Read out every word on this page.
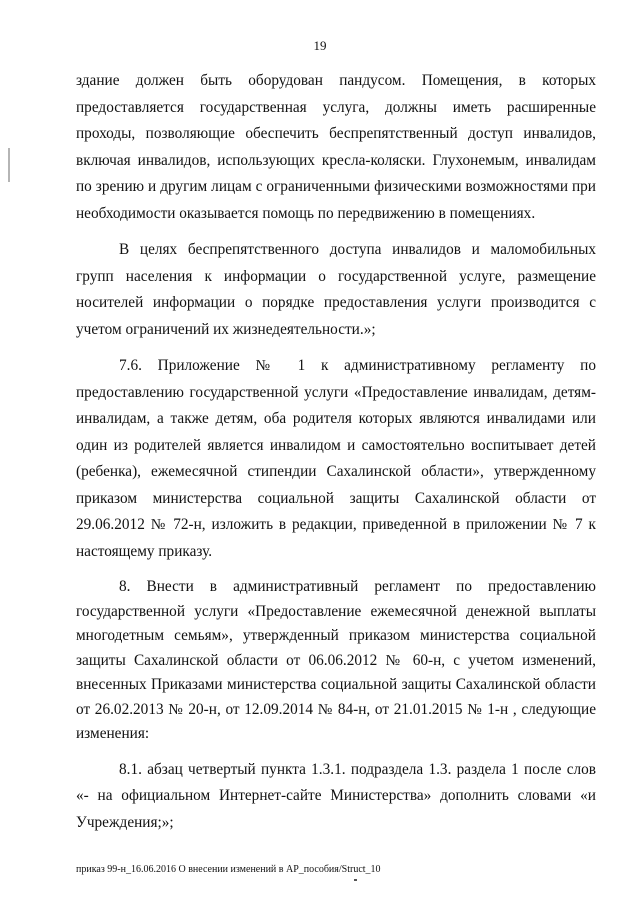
19

здание должен быть оборудован пандусом. Помещения, в которых предоставляется государственная услуга, должны иметь расширенные проходы, позволяющие обеспечить беспрепятственный доступ инвалидов, включая инвалидов, использующих кресла-коляски. Глухонемым, инвалидам по зрению и другим лицам с ограниченными физическими возможностями при необходимости оказывается помощь по передвижению в помещениях.

В целях беспрепятственного доступа инвалидов и маломобильных групп населения к информации о государственной услуге, размещение носителей информации о порядке предоставления услуги производится с учетом ограничений их жизнедеятельности.»;

7.6. Приложение № 1 к административному регламенту по предоставлению государственной услуги «Предоставление инвалидам, детям-инвалидам, а также детям, оба родителя которых являются инвалидами или один из родителей является инвалидом и самостоятельно воспитывает детей (ребенка), ежемесячной стипендии Сахалинской области», утвержденному приказом министерства социальной защиты Сахалинской области от 29.06.2012 № 72-н, изложить в редакции, приведенной в приложении № 7 к настоящему приказу.

8. Внести в административный регламент по предоставлению государственной услуги «Предоставление ежемесячной денежной выплаты многодетным семьям», утвержденный приказом министерства социальной защиты Сахалинской области от 06.06.2012 № 60-н, с учетом изменений, внесенных Приказами министерства социальной защиты Сахалинской области от 26.02.2013 № 20-н, от 12.09.2014 № 84-н, от 21.01.2015 № 1-н , следующие изменения:

8.1. абзац четвертый пункта 1.3.1. подраздела 1.3. раздела 1 после слов «- на официальном Интернет-сайте Министерства» дополнить словами «и Учреждения;»;

приказ 99-н_16.06.2016 О внесении изменений в АР_пособия/Struct_10
